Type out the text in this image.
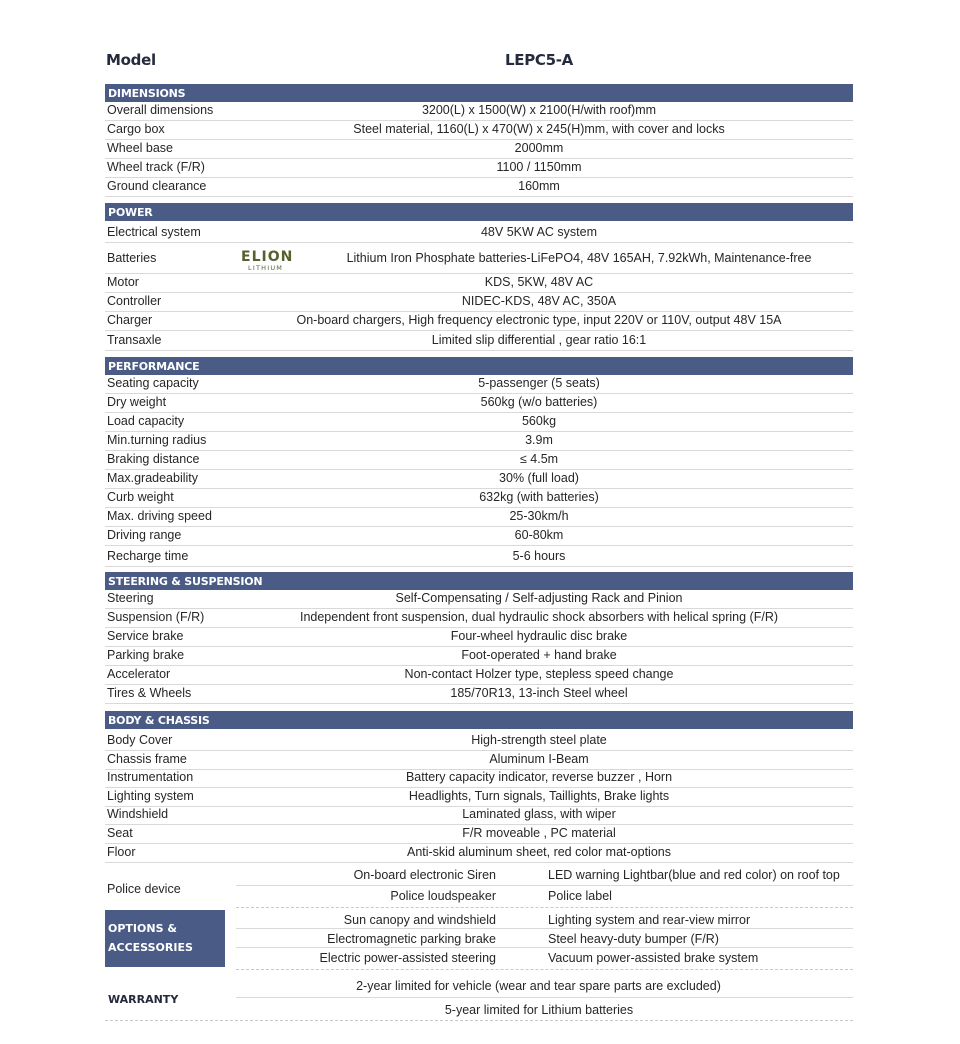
Model	LEPC5-A
DIMENSIONS
Overall dimensions	3200(L) x 1500(W) x 2100(H/with roof)mm
Cargo box	Steel material, 1160(L) x 470(W) x 245(H)mm, with cover and locks
Wheel base	2000mm
Wheel track (F/R)	1100 / 1150mm
Ground clearance	160mm
POWER
Electrical system	48V 5KW AC system
Batteries	Lithium Iron Phosphate batteries-LiFePO4, 48V 165AH, 7.92kWh, Maintenance-free
Motor	KDS, 5KW, 48V AC
Controller	NIDEC-KDS, 48V AC, 350A
Charger	On-board chargers, High frequency electronic type, input 220V or 110V, output 48V 15A
Transaxle	Limited slip differential , gear ratio 16:1
ELION
LITHIUM
PERFORMANCE
Seating capacity	5-passenger (5 seats)
Dry weight	560kg (w/o batteries)
Load capacity	560kg
Min.turning radius	3.9m
Braking distance	≤ 4.5m
Max.gradeability	30% (full load)
Curb weight	632kg (with batteries)
Max. driving speed	25-30km/h
Driving range	60-80km
Recharge time	5-6 hours
STEERING & SUSPENSION
Steering	Self-Compensating / Self-adjusting Rack and Pinion
Suspension (F/R)	Independent front suspension, dual hydraulic shock absorbers with helical spring (F/R)
Service brake	Four-wheel hydraulic disc brake
Parking brake	Foot-operated + hand brake
Accelerator	Non-contact Holzer type, stepless speed change
Tires & Wheels	185/70R13, 13-inch Steel wheel
BODY & CHASSIS
Body Cover	High-strength steel plate
Chassis frame	Aluminum I-Beam
Instrumentation	Battery capacity indicator, reverse buzzer , Horn
Lighting system	Headlights, Turn signals, Taillights, Brake lights
Windshield	Laminated glass, with wiper
Seat	F/R moveable , PC material
Floor	Anti-skid aluminum sheet, red color mat-options
Police device
On-board electronic Siren	LED warning Lightbar(blue and red color) on roof top
Police loudspeaker	Police label
OPTIONS &
ACCESSORIES
Sun canopy and windshield	Lighting system and rear-view mirror
Electromagnetic parking brake	Steel heavy-duty bumper (F/R)
Electric power-assisted steering	Vacuum power-assisted brake system
WARRANTY
2-year limited for vehicle (wear and tear spare parts are excluded)
5-year limited for Lithium batteries
